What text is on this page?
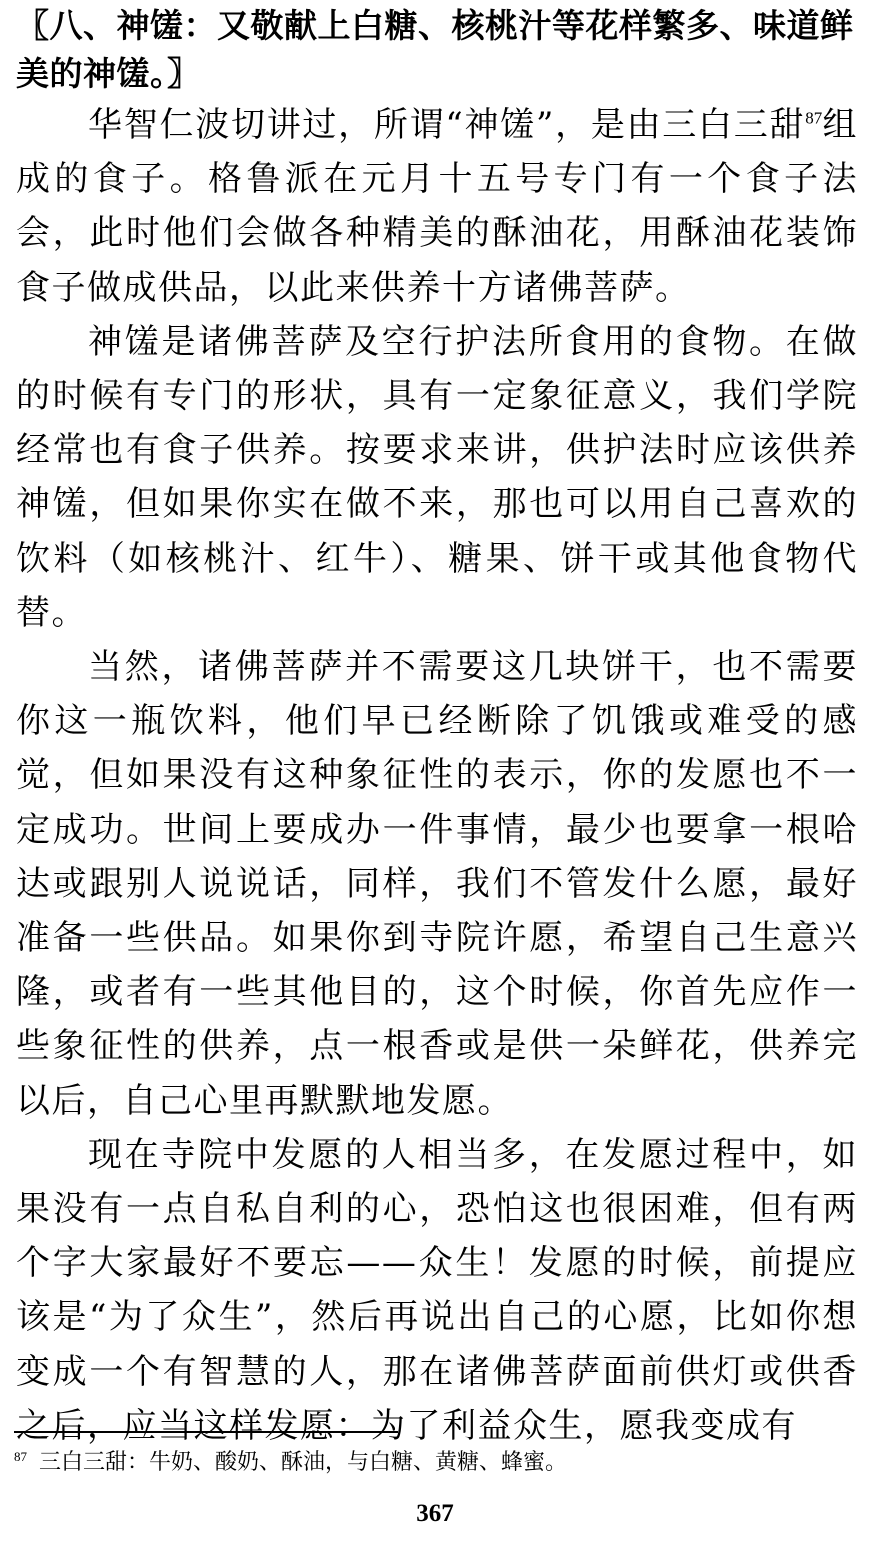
〖八、神馐：又敬献上白糖、核桃汁等花样繁多、味道鲜美的神馐。〗

华智仁波切讲过，所谓“神馐”，是由三白三甜$^{87}$组成的食子。格鲁派在元月十五号专门有一个食子法会，此时他们会做各种精美的酥油花，用酥油花装饰食子做成供品，以此来供养十方诸佛菩萨。

神馐是诸佛菩萨及空行护法所食用的食物。在做的时候有专门的形状，具有一定象征意义，我们学院经常也有食子供养。按要求来讲，供护法时应该供养神馐，但如果你实在做不来，那也可以用自己喜欢的饮料（如核桃汁、红牛）、糖果、饼干或其他食物代替。

当然，诸佛菩萨并不需要这几块饼干，也不需要你这一瓶饮料，他们早已经断除了饥饿或难受的感觉，但如果没有这种象征性的表示，你的发愿也不一定成功。世间上要成办一件事情，最少也要拿一根哈达或跟别人说说话，同样，我们不管发什么愿，最好准备一些供品。如果你到寺院许愿，希望自己生意兴隆，或者有一些其他目的，这个时候，你首先应作一些象征性的供养，点一根香或是供一朵鲜花，供养完以后，自己心里再默默地发愿。

现在寺院中发愿的人相当多，在发愿过程中，如果没有一点自私自利的心，恐怕这也很困难，但有两个字大家最好不要忘——众生！发愿的时候，前提应该是“为了众生”，然后再说出自己的心愿，比如你想变成一个有智慧的人，那在诸佛菩萨面前供灯或供香之后，应当这样发愿：为了利益众生，愿我变成有

$^{87}$ 三白三甜：牛奶、酸奶、酥油，与白糖、黄糖、蜂蜜。
367
